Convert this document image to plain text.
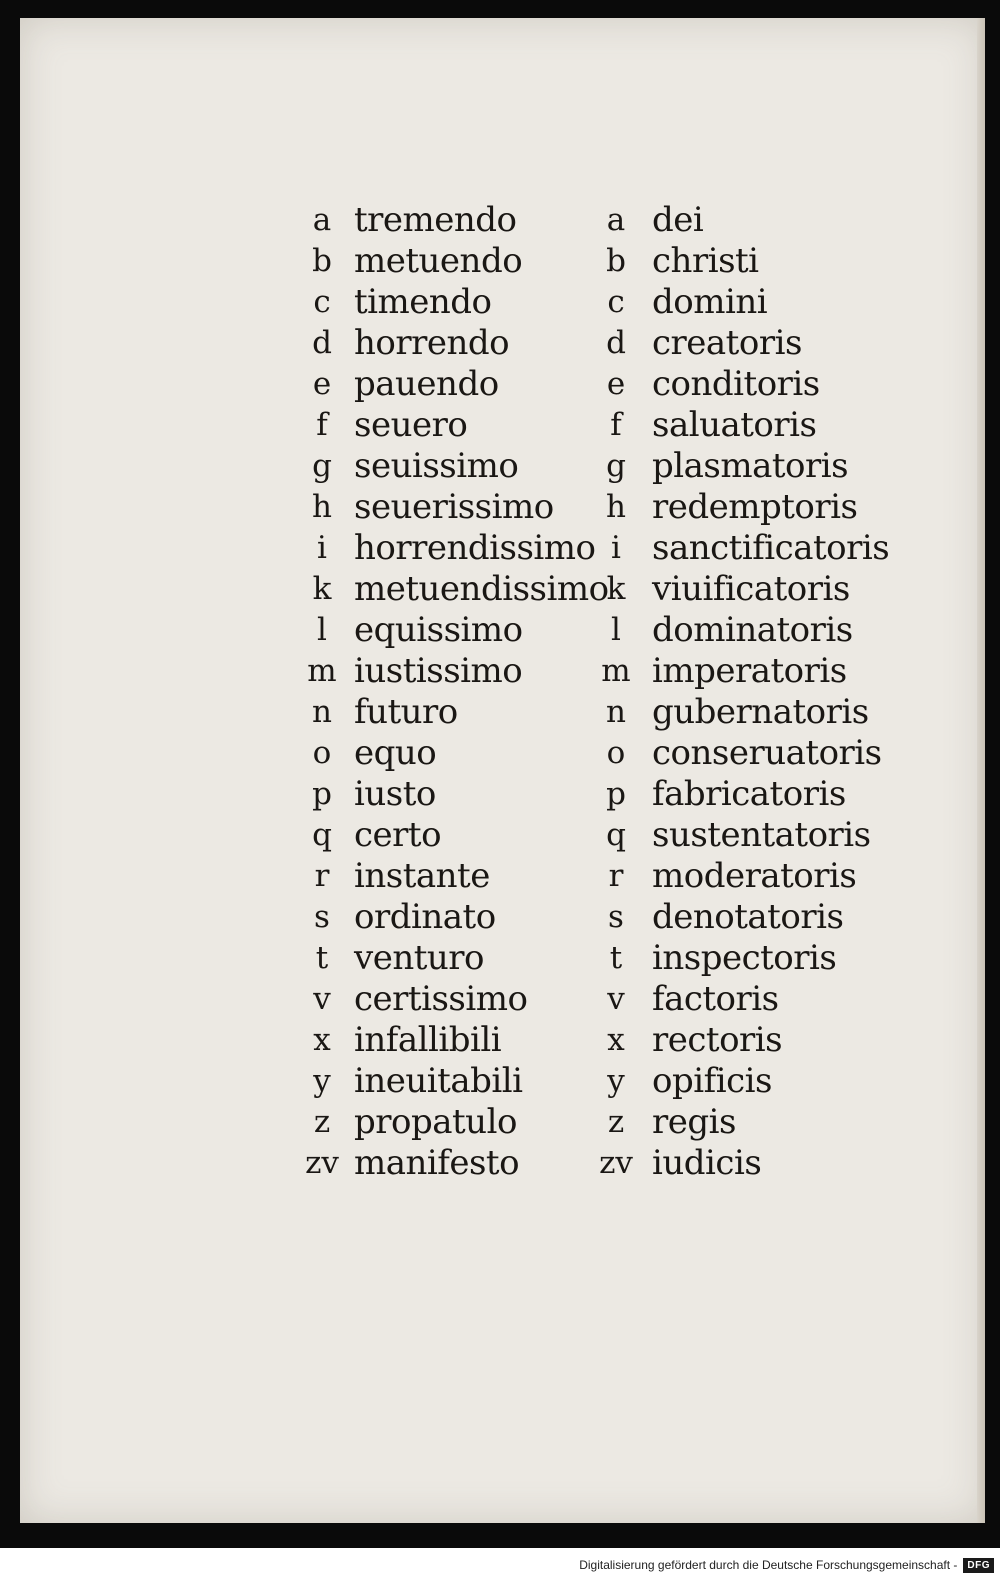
a tremendo
b metuendo
c timendo
d horrendo
e pauendo
f seuero
g seuissimo
h seuerissimo
i horrendissimo
k metuendissimo
l equissimo
m iustissimo
n futuro
o equo
p iusto
q certo
r instante
s ordinato
t venturo
v certissimo
x infallibili
y ineuitabili
z propatulo
zv manifesto
a dei
b christi
c domini
d creatoris
e conditoris
f saluatoris
g plasmatoris
h redemptoris
i sanctificatoris
k viuificatoris
l dominatoris
m imperatoris
n gubernatoris
o conseruatoris
p fabricatoris
q sustentatoris
r moderatoris
s denotatoris
t inspectoris
v factoris
x rectoris
y opificis
z regis
zv iudicis
Digitalisierung gefördert durch die Deutsche Forschungsgemeinschaft -	DFG
